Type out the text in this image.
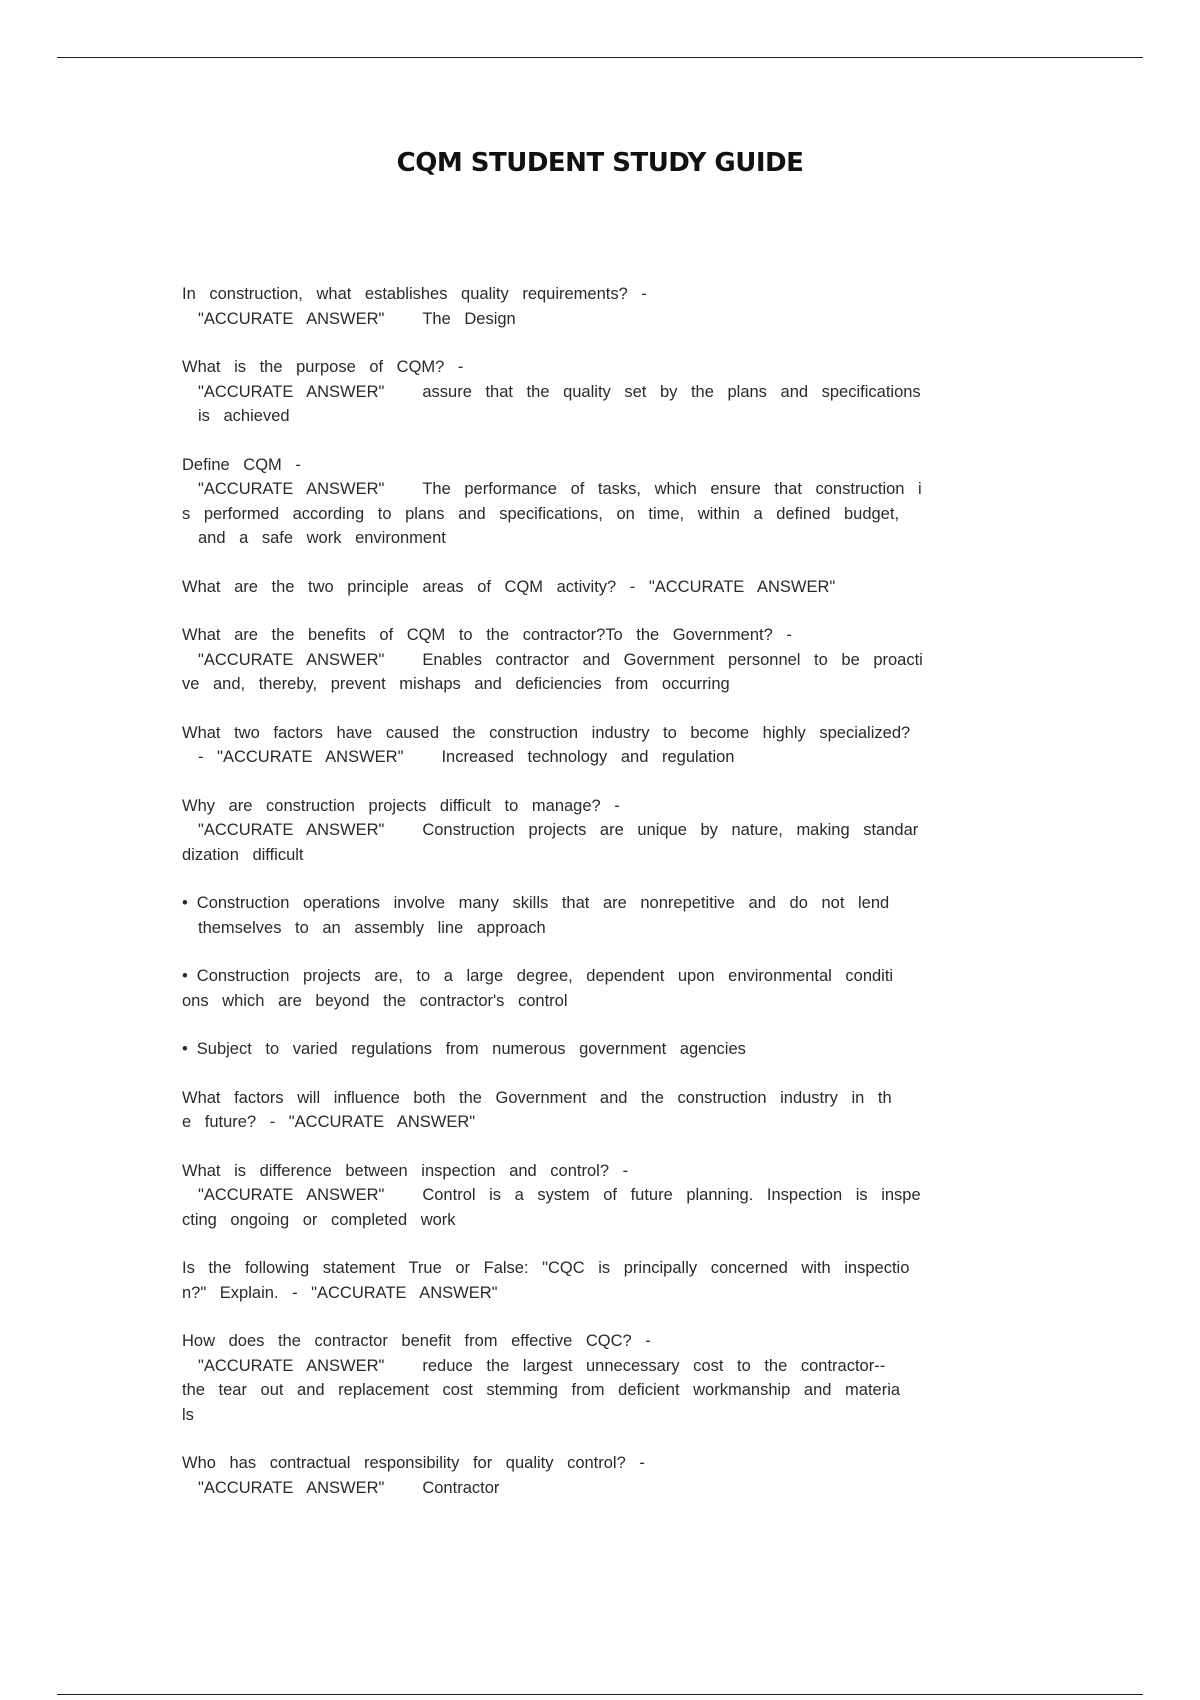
CQM STUDENT STUDY GUIDE
In construction, what establishes quality requirements? -
"ACCURATE ANSWER" The Design
What is the purpose of CQM? -
"ACCURATE ANSWER" assure that the quality set by the plans and specifications
is achieved
Define CQM -
"ACCURATE ANSWER" The performance of tasks, which ensure that construction i
s performed according to plans and specifications, on time, within a defined budget,
and a safe work environment
What are the two principle areas of CQM activity? - "ACCURATE ANSWER"
What are the benefits of CQM to the contractor?To the Government? -
"ACCURATE ANSWER" Enables contractor and Government personnel to be proacti
ve and, thereby, prevent mishaps and deficiencies from occurring
What two factors have caused the construction industry to become highly specialized?
- "ACCURATE ANSWER" Increased technology and regulation
Why are construction projects difficult to manage? -
"ACCURATE ANSWER" Construction projects are unique by nature, making standar
dization difficult
• Construction operations involve many skills that are nonrepetitive and do not lend
themselves to an assembly line approach
• Construction projects are, to a large degree, dependent upon environmental conditi
ons which are beyond the contractor's control
• Subject to varied regulations from numerous government agencies
What factors will influence both the Government and the construction industry in th
e future? - "ACCURATE ANSWER"
What is difference between inspection and control? -
"ACCURATE ANSWER" Control is a system of future planning. Inspection is inspe
cting ongoing or completed work
Is the following statement True or False: "CQC is principally concerned with inspectio
n?" Explain. - "ACCURATE ANSWER"
How does the contractor benefit from effective CQC? -
"ACCURATE ANSWER" reduce the largest unnecessary cost to the contractor--
the tear out and replacement cost stemming from deficient workmanship and materia
ls
Who has contractual responsibility for quality control? -
"ACCURATE ANSWER" Contractor
